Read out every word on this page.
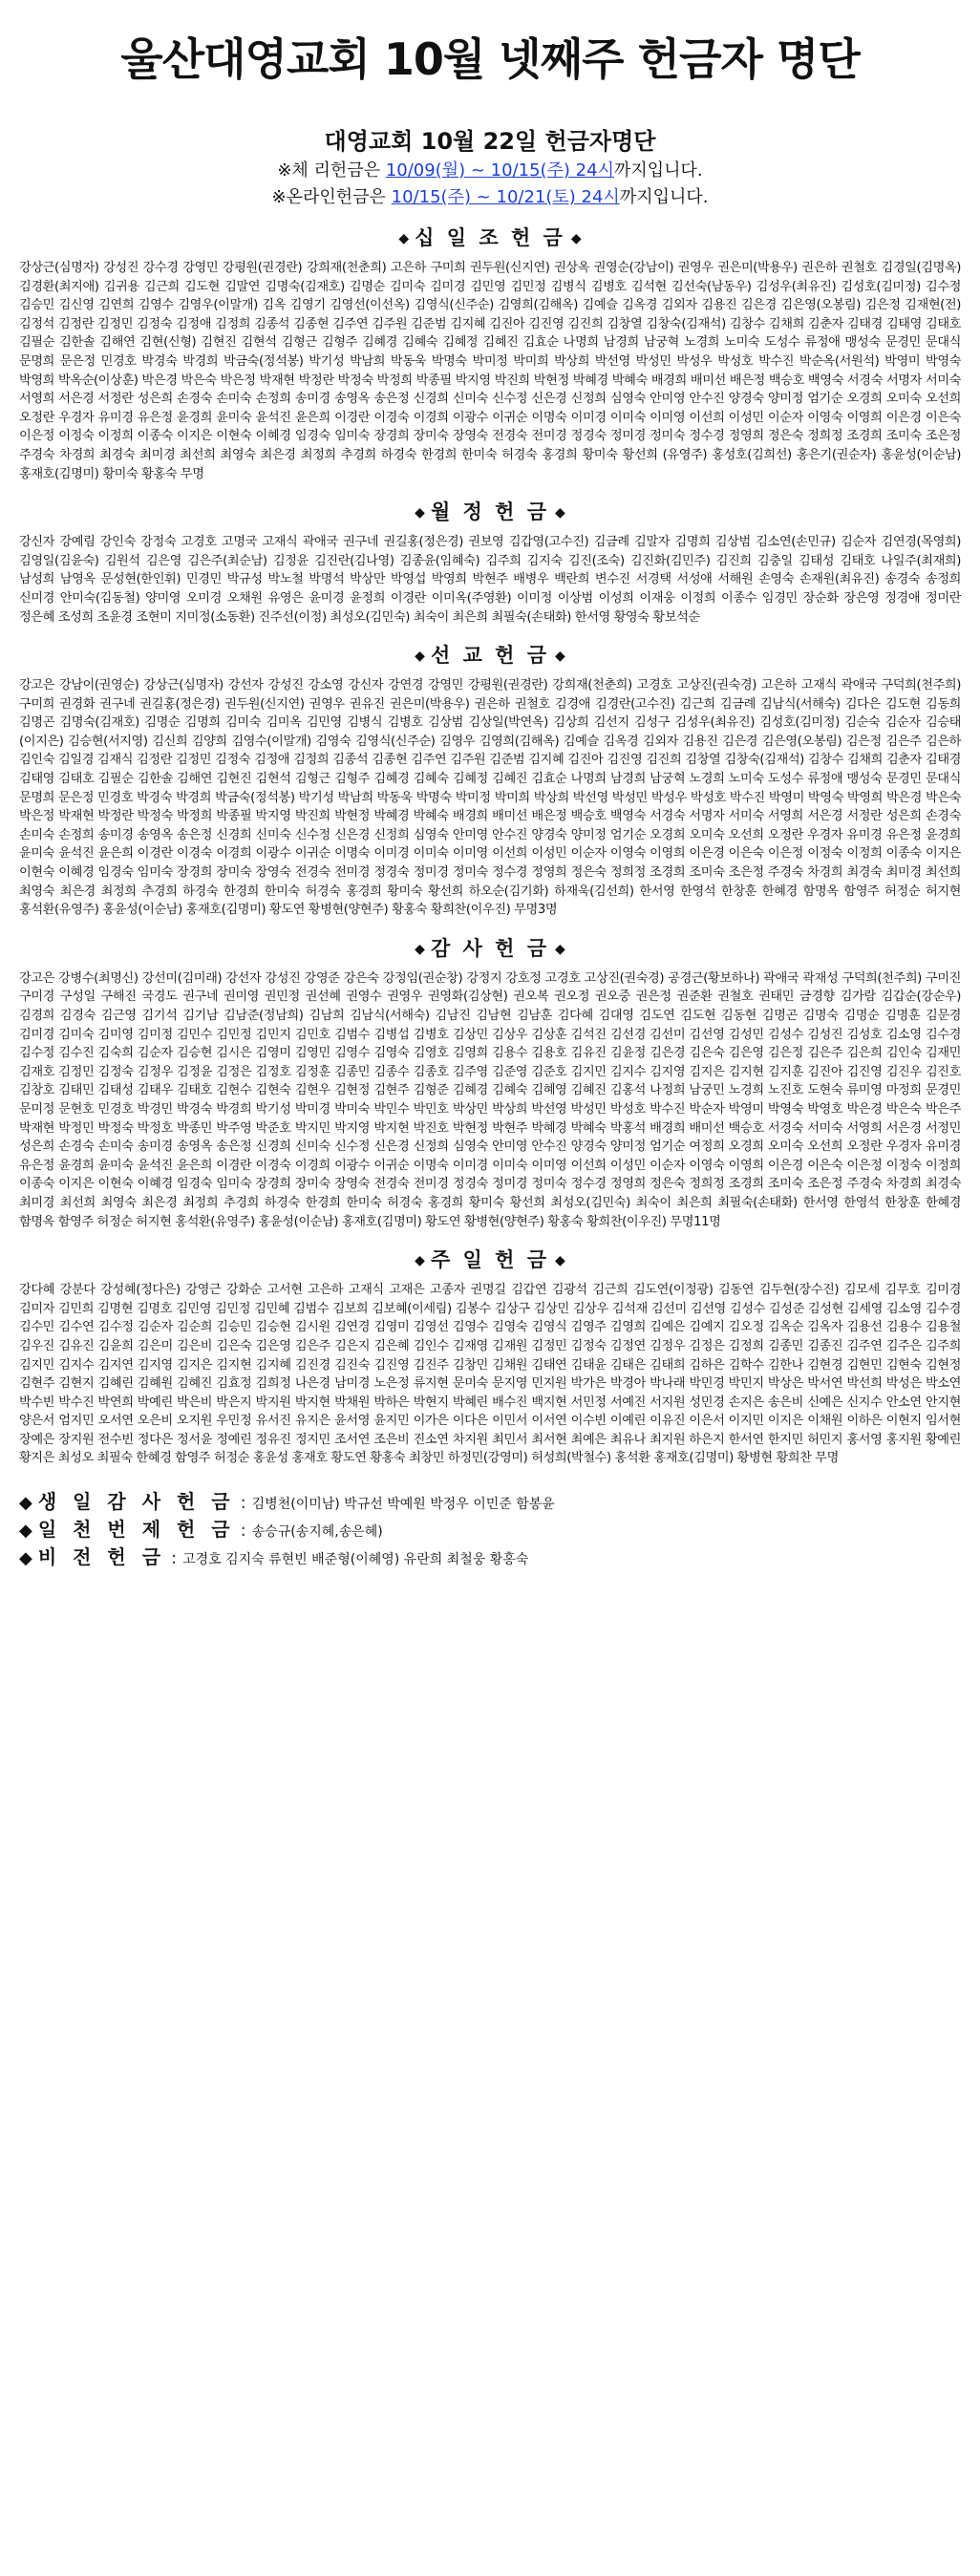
울산대영교회 10월 넷째주 헌금자 명단
대영교회 10월 22일 헌금자명단
※체 리헌금은 10/09(월) ~ 10/15(주) 24시까지입니다.
※온라인헌금은 10/15(주) ~ 10/21(토) 24시까지입니다.
◆ 십 일 조 헌 금 ◆
강상근(심명자) 강성진 강수경 강영민 강평원(권경란) 강희재(천춘희) 고은하 구미희 권두원(신지연) 권상옥 권영순(강남이) 권영우 권은미(박용우) 권은하 권철호 김경일(김명옥) 김경환(최지애) 김귀용 김근희 김도현 김말연 김명숙(김재호) 김명순 김미숙 김미경 김민영 김민정 김병식 김병호 김석현 김선숙(남동우) 김성우(최유진) 김성호(김미정) 김수정 김승민 김신영 김연희 김영수 김영우(이말개) 김옥 김영기 김영선(이선옥) 김영식(신주순) 김영희(김해옥) 김예슬 김옥경 김외자 김용진 김은경 김은영(오봉림) 김은정 김재현(전) 김정석 김정란 김정민 김정숙 김정애 김정희 김종석 김종현 김주연 김주원 김준범 김지혜 김진아 김진영 김진희 김창열 김창숙(김재석) 김창수 김채희 김춘자 김태경 김태영 김태호 김필순 김한솔 김해연 김현(신형) 김현진 김현석 김형근 김형주 김혜경 김혜숙 김혜정 김혜진 김효순 나명희 남경희 남궁혁 노경희 노미숙 도성수 류정애 맹성숙 문경민 문대식 문명희 문은정 민경호 박경숙 박경희 박금숙(정석봉) 박기성 박남희 박동욱 박명숙 박미정 박미희 박상희 박선영 박성민 박성우 박성호 박수진 박순옥(서원석) 박영미 박영숙 박영희 박옥순(이상훈) 박은경 박은숙 박은정 박재현 박정란 박정숙 박정희 박종필 박지영 박진희 박현정 박혜경 박혜숙 배경희 배미선 배은정 백승호 백영숙 서경숙 서명자 서미숙 서영희 서은경 서정란 성은희 손경숙 손미숙 손정희 송미경 송영옥 송은정 신경희 신미숙 신수정 신은경 신정희 심영숙 안미영 안수진 양경숙 양미정 엄기순 오경희 오미숙 오선희 오정란 우경자 유미경 유은정 윤경희 윤미숙 윤석진 윤은희 이경란 이경숙 이경희 이광수 이귀순 이명숙 이미경 이미숙 이미영 이선희 이성민 이순자 이영숙 이영희 이은경 이은숙 이은정 이정숙 이정희 이종숙 이지은 이현숙 이혜경 임경숙 임미숙 장경희 장미숙 장영숙 전경숙 전미경 정경숙 정미경 정미숙 정수경 정영희 정은숙 정희정 조경희 조미숙 조은정 주경숙 차경희 최경숙 최미경 최선희 최영숙 최은경 최정희 추경희 하경숙 한경희 한미숙 허경숙 홍경희 황미숙 황선희 (유영주) 홍성호(김희선) 홍은기(권순자) 홍윤성(이순남) 홍재호(김명미) 황미숙 황홍숙 무명
◆ 월 정 헌 금 ◆
강신자 강예림 강인숙 강정숙 고경호 고명국 고재식 곽애국 권구네 권길홍(정은경) 권보영 김갑영(고수진) 김금례 김말자 김명희 김상범 김소연(손민규) 김순자 김연경(목영희) 김영일(김윤숙) 김원석 김은영 김은주(최순남) 김정윤 김진란(김나영) 김종윤(임혜숙) 김주희 김지숙 김진(조숙) 김진화(김민주) 김진희 김충일 김태성 김태호 나일주(최재희) 남성희 남영옥 문성현(한인휘) 민경민 박규성 박노철 박명석 박상만 박영섭 박영희 박현주 배병우 백란희 변수진 서경택 서성애 서해원 손영숙 손재원(최유진) 송경숙 송정희 신미경 안미숙(김동철) 양미영 오미경 오채원 유영은 윤미경 윤정희 이경란 이미옥(주영환) 이미정 이상범 이성희 이재웅 이정희 이종수 임경민 장순화 장은영 정경애 정미란 정은혜 조성희 조윤경 조현미 지미정(소동환) 진주선(이정) 최성오(김민숙) 최숙이 최은희 최필숙(손태화) 한서영 황영숙 황보석순
◆ 선 교 헌 금 ◆
강고은 강남이(권영순) 강상근(심명자) 강선자 강성진 강소영 강신자 강연경 강영민 강평원(권경란) 강희재(천춘희) 고경호 고상진(권숙경) 고은하 고재식 곽애국 구덕희(천주희) 구미희 권경화 권구네 권길홍(정은경) 권두원(신지연) 권영우 권유진 권은미(박용우) 권은하 권철호 김경애 김경란(고수진) 김근희 김금례 김남식(서해숙) 김다은 김도현 김동희 김명곤 김명숙(김재호) 김명순 김명희 김미숙 김미옥 김민영 김병식 김병호 김상범 김상일(박연옥) 김상희 김선지 김성구 김성우(최유진) 김성호(김미정) 김순숙 김순자 김승태(이지은) 김승현(서지영) 김신희 김양희 김영수(이말개) 김영숙 김영식(신주순) 김영우 김영희(김해옥) 김예슬 김옥경 김외자 김용진 김은경 김은영(오봉림) 김은정 김은주 김은하 김인숙 김일경 김재식 김정란 김정민 김정숙 김정애 김정희 김종석 김종현 김주연 김주원 김준범 김지혜 김진아 김진영 김진희 김창열 김창숙(김재석) 김창수 김채희 김춘자 김태경 김태영 김태호 김필순 김한솔 김해연 김현진 김현석 김형근 김형주 김혜경 김혜숙 김혜정 김혜진 김효순 나명희 남경희 남궁혁 노경희 노미숙 도성수 류정애 맹성숙 문경민 문대식 문명희 문은정 민경호 박경숙 박경희 박금숙(정석봉) 박기성 박남희 박동욱 박명숙 박미정 박미희 박상희 박선영 박성민 박성우 박성호 박수진 박영미 박영숙 박영희 박은경 박은숙 박은정 박재현 박정란 박정숙 박정희 박종필 박지영 박진희 박현정 박혜경 박혜숙 배경희 배미선 배은정 백승호 백영숙 서경숙 서명자 서미숙 서영희 서은경 서정란 성은희 손경숙 손미숙 손정희 송미경 송영옥 송은정 신경희 신미숙 신수정 신은경 신정희 심영숙 안미영 안수진 양경숙 양미정 엄기순 오경희 오미숙 오선희 오정란 우경자 유미경 유은정 윤경희 윤미숙 윤석진 윤은희 이경란 이경숙 이경희 이광수 이귀순 이명숙 이미경 이미숙 이미영 이선희 이성민 이순자 이영숙 이영희 이은경 이은숙 이은정 이정숙 이정희 이종숙 이지은 이현숙 이혜경 임경숙 임미숙 장경희 장미숙 장영숙 전경숙 전미경 정경숙 정미경 정미숙 정수경 정영희 정은숙 정희정 조경희 조미숙 조은정 주경숙 차경희 최경숙 최미경 최선희 최영숙 최은경 최정희 추경희 하경숙 한경희 한미숙 허경숙 홍경희 황미숙 황선희 하오순(김기화) 하재욱(김선희) 한서영 한영석 한창훈 한혜경 함명옥 함영주 허정순 허지현 홍석환(유영주) 홍윤성(이순남) 홍재호(김명미) 황도연 황병현(양현주) 황홍숙 황희찬(이우진) 무명3명
◆ 감 사 헌 금 ◆
강고은 강병수(최명신) 강선미(김미래) 강선자 강성진 강영준 강은숙 강정임(권순창) 강정지 강호정 고경호 고상진(권숙경) 공경근(황보하나) 곽애국 곽재성 구덕희(천주희) 구미진 구미경 구성일 구해진 국경도 권구네 권미영 권민정 권선혜 권영수 권영우 권영화(김상현) 권오복 권오정 권오중 권은정 권준환 권철호 권태민 금경향 김가람 김갑순(강순우) 김경희 김경숙 김근영 김기석 김기남 김남준(정남희) 김남희 김남식(서해숙) 김남진 김남현 김남훈 김다혜 김대영 김도연 김도현 김동현 김명곤 김명숙 김명순 김명훈 김문경 김미경 김미숙 김미영 김미정 김민수 김민정 김민지 김민호 김범수 김병섭 김병호 김상민 김상우 김상훈 김석진 김선경 김선미 김선영 김성민 김성수 김성진 김성호 김소영 김수경 김수정 김수진 김숙희 김순자 김승현 김시은 김영미 김영민 김영수 김영숙 김영호 김영희 김용수 김용호 김유진 김윤정 김은경 김은숙 김은영 김은정 김은주 김은희 김인숙 김재민 김재호 김정민 김정숙 김정우 김정윤 김정은 김정호 김정훈 김종민 김종수 김종호 김주영 김준영 김준호 김지민 김지수 김지영 김지은 김지현 김지훈 김진아 김진영 김진우 김진호 김창호 김태민 김태성 김태우 김태호 김현수 김현숙 김현우 김현정 김현주 김형준 김혜경 김혜숙 김혜영 김혜진 김홍석 나정희 남궁민 노경희 노진호 도현숙 류미영 마정희 문경민 문미정 문현호 민경호 박경민 박경숙 박경희 박기성 박미경 박미숙 박민수 박민호 박상민 박상희 박선영 박성민 박성호 박수진 박순자 박영미 박영숙 박영호 박은경 박은숙 박은주 박재현 박정민 박정숙 박정호 박종민 박주영 박준호 박지민 박지영 박지현 박진호 박현정 박현주 박혜경 박혜숙 박홍석 배경희 배미선 백승호 서경숙 서미숙 서영희 서은경 서정민 성은희 손경숙 손미숙 송미경 송영옥 송은정 신경희 신미숙 신수정 신은경 신정희 심영숙 안미영 안수진 양경숙 양미정 엄기순 여정희 오경희 오미숙 오선희 오정란 우경자 유미경 유은정 윤경희 윤미숙 윤석진 윤은희 이경란 이경숙 이경희 이광수 이귀순 이명숙 이미경 이미숙 이미영 이선희 이성민 이순자 이영숙 이영희 이은경 이은숙 이은정 이정숙 이정희 이종숙 이지은 이현숙 이혜경 임경숙 임미숙 장경희 장미숙 장영숙 전경숙 전미경 정경숙 정미경 정미숙 정수경 정영희 정은숙 정희정 조경희 조미숙 조은정 주경숙 차경희 최경숙 최미경 최선희 최영숙 최은경 최정희 추경희 하경숙 한경희 한미숙 허경숙 홍경희 황미숙 황선희 최성오(김민숙) 최숙이 최은희 최필숙(손태화) 한서영 한영석 한창훈 한혜경 함명옥 함영주 허정순 허지현 홍석환(유영주) 홍윤성(이순남) 홍재호(김명미) 황도연 황병현(양현주) 황홍숙 황희찬(이우진) 무명11명
◆ 주 일 헌 금 ◆
강다혜 강분다 강성혜(정다은) 강영근 강화순 고서현 고은하 고재식 고재은 고종자 권명길 김갑연 김광석 김근희 김도연(이정광) 김동연 김두현(장수진) 김모세 김무호 김미경 김미자 김민희 김명현 김명호 김민영 김민정 김민혜 김범수 김보희 김보혜(이세림) 김봉수 김상구 김상민 김상우 김석재 김선미 김선영 김성수 김성준 김성현 김세영 김소영 김수경 김수민 김수연 김수정 김순자 김순희 김승민 김승현 김시원 김연경 김영미 김영선 김영수 김영숙 김영식 김영주 김영희 김예은 김예지 김오정 김옥순 김옥자 김용선 김용수 김용철 김우진 김유진 김윤희 김은미 김은비 김은숙 김은영 김은주 김은지 김은혜 김인수 김재영 김재원 김정민 김정숙 김정연 김정우 김정은 김정희 김종민 김종진 김주연 김주은 김주희 김지민 김지수 김지연 김지영 김지은 김지현 김지혜 김진경 김진숙 김진영 김진주 김창민 김채원 김태연 김태윤 김태은 김태희 김하은 김학수 김한나 김현경 김현민 김현숙 김현정 김현주 김현지 김혜린 김혜원 김혜진 김효정 김희정 나은경 남미경 노은정 류지현 문미숙 문지영 민지원 박가은 박경아 박나래 박민경 박민지 박상은 박서연 박선희 박성은 박소연 박수빈 박수진 박연희 박예린 박은비 박은지 박지원 박지현 박채원 박하은 박현지 박혜린 배수진 백지현 서민정 서예진 서지원 성민경 손지은 송은비 신예은 신지수 안소연 안지현 양은서 엄지민 오서연 오은비 오지원 우민정 유서진 유지은 윤서영 윤지민 이가은 이다은 이민서 이서연 이수빈 이예린 이유진 이은서 이지민 이지은 이채원 이하은 이현지 임서현 장예은 장지원 전수빈 정다은 정서윤 정예린 정유진 정지민 조서연 조은비 진소연 차지원 최민서 최서현 최예은 최유나 최지원 하은지 한서연 한지민 허민지 홍서영 홍지원 황예린 황지은 최성오 최필숙 한혜경 함영주 허정순 홍윤성 홍재호 황도연 황홍숙 최창민 하정민(강영미) 허성희(박철수) 홍석환 홍재호(김명미) 황병현 황희찬 무명
◆ 생 일 감 사 헌 금 : 김병천(이미남) 박규선 박예원 박정우 이민준 함봉윤
◆ 일 천 번 제 헌 금 : 송승규(송지혜,송은혜)
◆ 비 전 헌 금 : 고경호 김지숙 류현빈 배준형(이혜영) 유란희 최철웅 황홍숙
